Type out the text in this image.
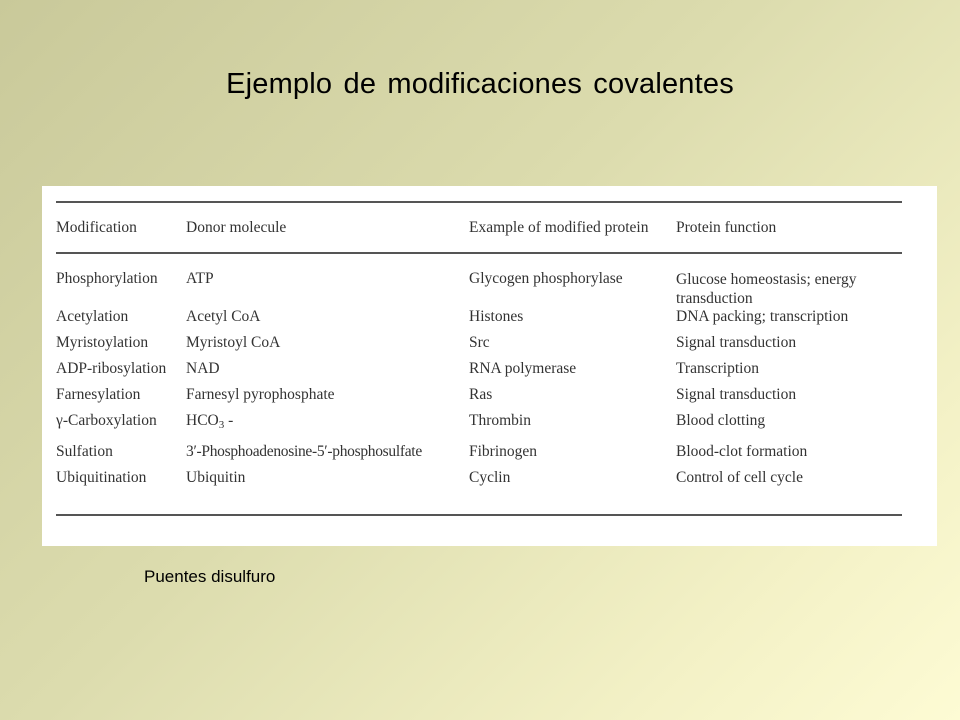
Ejemplo de modificaciones covalentes
Modification	Donor molecule	Example of modified protein	Protein function
Phosphorylation	ATP	Glycogen phosphorylase	Glucose homeostasis; energy transduction
Acetylation	Acetyl CoA	Histones	DNA packing; transcription
Myristoylation	Myristoyl CoA	Src	Signal transduction
ADP-ribosylation	NAD	RNA polymerase	Transcription
Farnesylation	Farnesyl pyrophosphate	Ras	Signal transduction
γ-Carboxylation	HCO3 -	Thrombin	Blood clotting
Sulfation	3′-Phosphoadenosine-5′-phosphosulfate	Fibrinogen	Blood-clot formation
Ubiquitination	Ubiquitin	Cyclin	Control of cell cycle
Puentes disulfuro
